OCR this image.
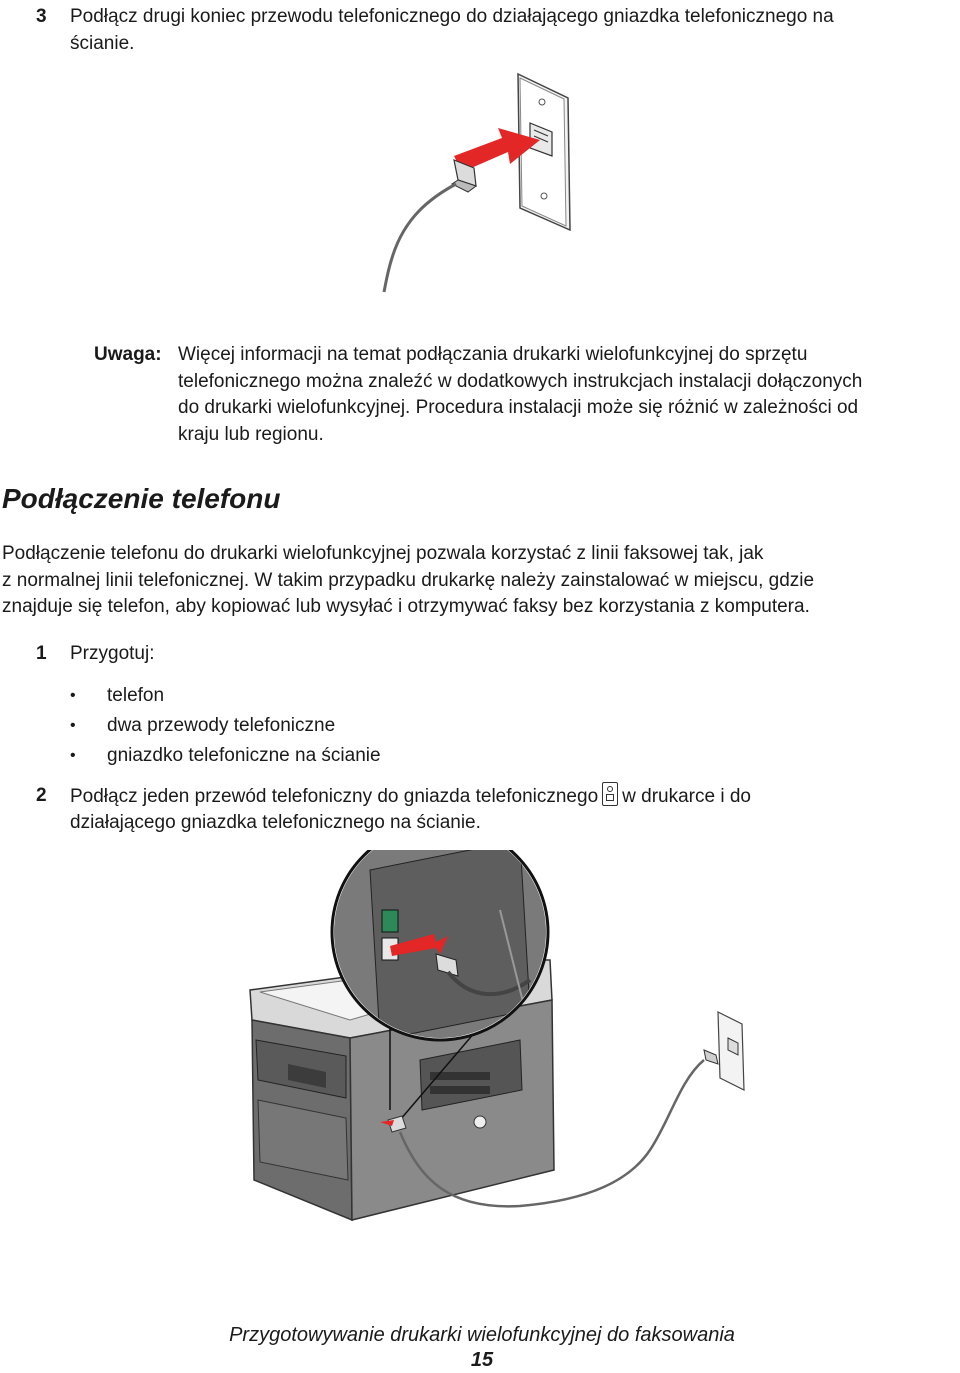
3 Podłącz drugi koniec przewodu telefonicznego do działającego gniazdka telefonicznego na
ścianie.
Uwaga: Więcej informacji na temat podłączania drukarki wielofunkcyjnej do sprzętu
telefonicznego można znaleźć w dodatkowych instrukcjach instalacji dołączonych
do drukarki wielofunkcyjnej. Procedura instalacji może się różnić w zależności od
kraju lub regionu.
Podłączenie telefonu
Podłączenie telefonu do drukarki wielofunkcyjnej pozwala korzystać z linii faksowej tak, jak
z normalnej linii telefonicznej. W takim przypadku drukarkę należy zainstalować w miejscu, gdzie
znajduje się telefon, aby kopiować lub wysyłać i otrzymywać faksy bez korzystania z komputera.
1 Przygotuj:
• telefon
• dwa przewody telefoniczne
• gniazdko telefoniczne na ścianie
2 Podłącz jeden przewód telefoniczny do gniazda telefonicznego w drukarce i do
działającego gniazdka telefonicznego na ścianie.
Przygotowywanie drukarki wielofunkcyjnej do faksowania
15
